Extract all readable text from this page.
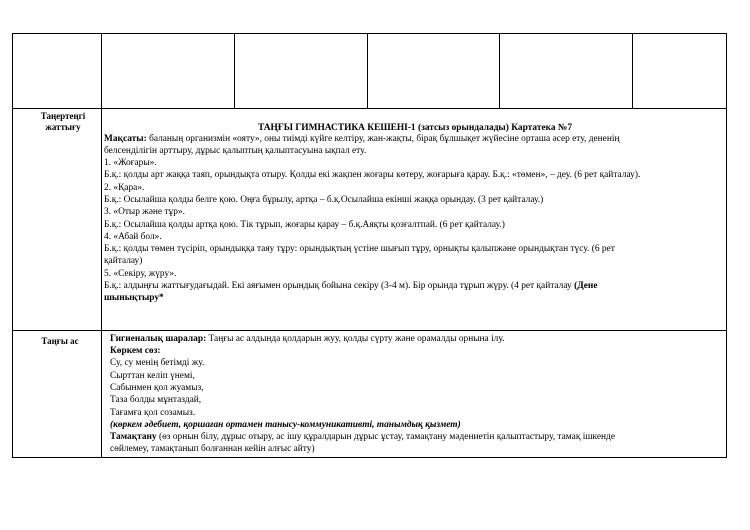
Таңертеңгі жаттығу	ТАҢҒЫ ГИМНАСТИКА КЕШЕНІ-1 (затсыз орындалады) Картатека №7
Мақсаты: баланың организмін «ояту», оны тиімді күйге келтіру, жан-жақты, бірақ бұлшықет жүйесіне орташа әсер ету, дененің
белсенділігін арттыру, дұрыс қалыптың қалыптасуына ықпал ету.
1. «Жоғары».
Б.қ.: қолды арт жаққа таяп, орындықта отыру. Қолды екі жақпен жоғары көтеру, жоғарыға қарау. Б.қ.: «төмен», – деу. (6 рет қайталау).
2. «Қара».
Б.қ.: Осылайша қолды белге қою. Оңға бұрылу, артқа – б.қ.Осылайша екінші жаққа орындау. (3 рет қайталау.)
3. «Отыр және тұр».
Б.қ.: Осылайша қолды артқа қою. Тік тұрып, жоғары қарау – б.қ.Аяқты қозғалтпай. (6 рет қайталау.)
4. «Абай бол».
Б.қ.: қолды төмен түсіріп, орындыққа таяу тұру: орындықтың үстіне шығып тұру, орнықты қалыпжәне орындықтан түсу. (6 рет
қайталау)
5. «Секіру, жүру».
Б.қ.: алдыңғы жаттығудағыдай. Екі аяғымен орындық бойына секіру (3-4 м). Бір орында тұрып жүру. (4 рет қайталау (Дене
шынықтыру*
Таңғы ас	Гигиеналық шаралар: Таңғы ас алдында қолдарын жуу, қолды сүрту және орамалды орнына ілу.
Көркем сөз:
Су, су менің бетімді жу.
Сырттан келіп үнемі,
Сабынмен қол жуамыз,
Таза болды мұнтаздай,
Тағамға қол созамыз.
(көркем әдебиет, қоршаған ортамен танысу-коммуникативті, танымдық қызмет)
Тамақтану (өз орнын білу, дұрыс отыру, ас ішу құралдарын дұрыс ұстау, тамақтану мәдениетін қалыптастыру, тамақ ішкенде
сөйлемеу, тамақтанып болғаннан кейін алғыс айту)
